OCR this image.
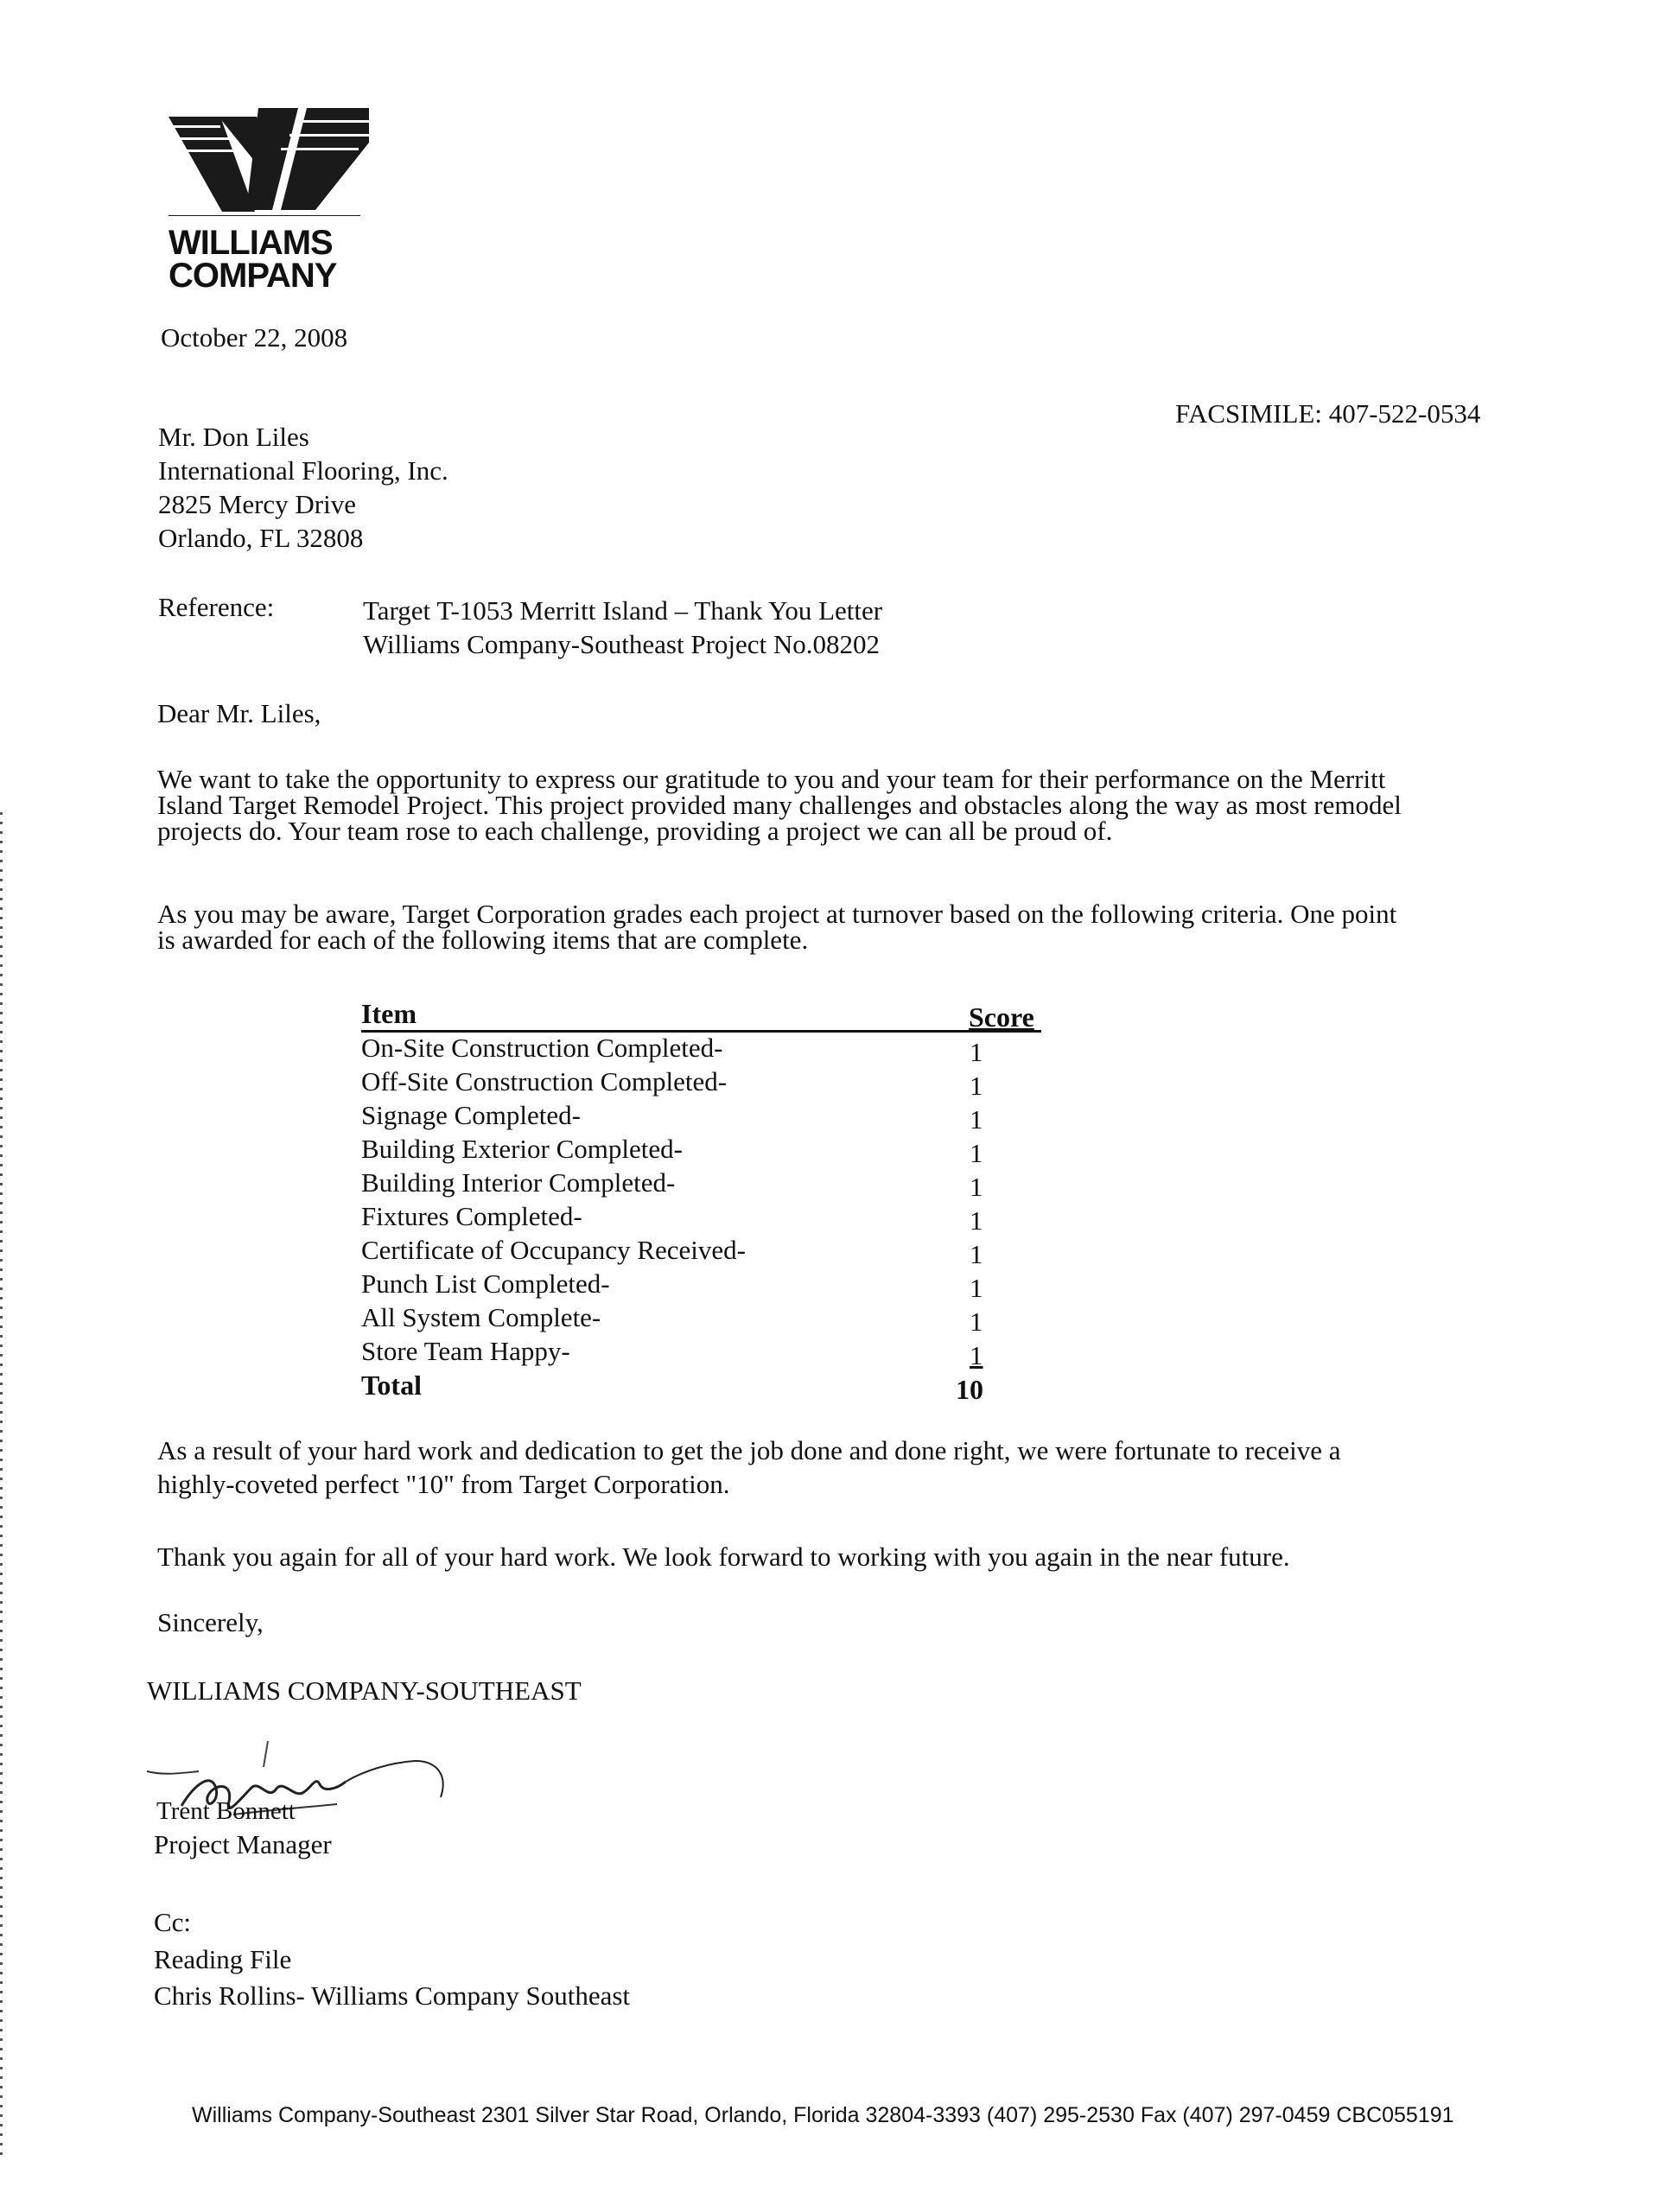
WILLIAMS
COMPANY
October 22, 2008
FACSIMILE: 407-522-0534
Mr. Don Liles
International Flooring, Inc.
2825 Mercy Drive
Orlando, FL 32808
Reference:	Target T-1053 Merritt Island – Thank You Letter
Williams Company-Southeast Project No.08202
Dear Mr. Liles,
We want to take the opportunity to express our gratitude to you and your team for their performance on the Merritt
Island Target Remodel Project. This project provided many challenges and obstacles along the way as most remodel
projects do. Your team rose to each challenge, providing a project we can all be proud of.
As you may be aware, Target Corporation grades each project at turnover based on the following criteria. One point
is awarded for each of the following items that are complete.
Item	Score
On-Site Construction Completed-	1
Off-Site Construction Completed-	1
Signage Completed-	1
Building Exterior Completed-	1
Building Interior Completed-	1
Fixtures Completed-	1
Certificate of Occupancy Received-	1
Punch List Completed-	1
All System Complete-	1
Store Team Happy-	1
Total	10
As a result of your hard work and dedication to get the job done and done right, we were fortunate to receive a
highly-coveted perfect "10" from Target Corporation.
Thank you again for all of your hard work. We look forward to working with you again in the near future.
Sincerely,
WILLIAMS COMPANY-SOUTHEAST
Trent Bonnett
Project Manager
Cc:
Reading File
Chris Rollins- Williams Company Southeast
Williams Company-Southeast 2301 Silver Star Road, Orlando, Florida 32804-3393 (407) 295-2530 Fax (407) 297-0459 CBC055191
